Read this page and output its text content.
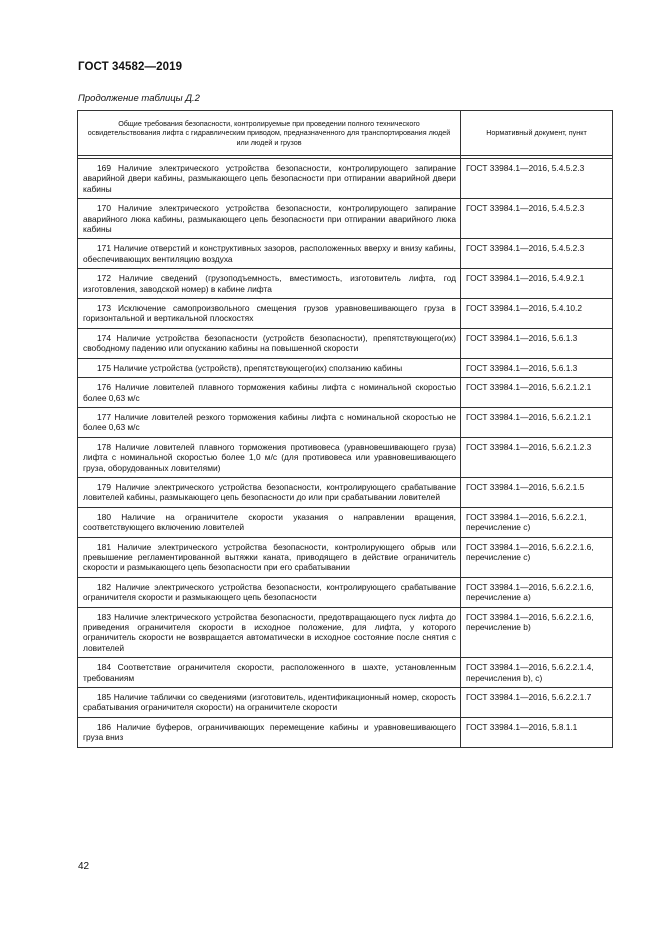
ГОСТ 34582—2019
Продолжение таблицы Д.2
Общие требования безопасности, контролируемые при проведении полного технического освидетельствования лифта с гидравлическим приводом, предназначенного для транспортирования людей или людей и грузов	Нормативный документ, пункт

169 Наличие электрического устройства безопасности, контролирующего запирание аварийной двери кабины, размыкающего цепь безопасности при отпирании аварийной двери кабины	ГОСТ 33984.1—2016, 5.4.5.2.3
170 Наличие электрического устройства безопасности, контролирующего запирание аварийного люка кабины, размыкающего цепь безопасности при отпирании аварийного люка кабины	ГОСТ 33984.1—2016, 5.4.5.2.3
171 Наличие отверстий и конструктивных зазоров, расположенных вверху и внизу кабины, обеспечивающих вентиляцию воздуха	ГОСТ 33984.1—2016, 5.4.5.2.3
172 Наличие сведений (грузоподъемность, вместимость, изготовитель лифта, год изготовления, заводской номер) в кабине лифта	ГОСТ 33984.1—2016, 5.4.9.2.1
173 Исключение самопроизвольного смещения грузов уравновешивающего груза в горизонтальной и вертикальной плоскостях	ГОСТ 33984.1—2016, 5.4.10.2
174 Наличие устройства безопасности (устройств безопасности), препятствующего(их) свободному падению или опусканию кабины на повышенной скорости	ГОСТ 33984.1—2016, 5.6.1.3
175 Наличие устройства (устройств), препятствующего(их) сползанию кабины	ГОСТ 33984.1—2016, 5.6.1.3
176 Наличие ловителей плавного торможения кабины лифта с номинальной скоростью более 0,63 м/с	ГОСТ 33984.1—2016, 5.6.2.1.2.1
177 Наличие ловителей резкого торможения кабины лифта с номинальной скоростью не более 0,63 м/с	ГОСТ 33984.1—2016, 5.6.2.1.2.1
178 Наличие ловителей плавного торможения противовеса (уравновешивающего груза) лифта с номинальной скоростью более 1,0 м/с (для противовеса или уравновешивающего груза, оборудованных ловителями)	ГОСТ 33984.1—2016, 5.6.2.1.2.3
179 Наличие электрического устройства безопасности, контролирующего срабатывание ловителей кабины, размыкающего цепь безопасности до или при срабатывании ловителей	ГОСТ 33984.1—2016, 5.6.2.1.5
180 Наличие на ограничителе скорости указания о направлении вращения, соответствующего включению ловителей	ГОСТ 33984.1—2016, 5.6.2.2.1, перечисление с)
181 Наличие электрического устройства безопасности, контролирующего обрыв или превышение регламентированной вытяжки каната, приводящего в действие ограничитель скорости и размыкающего цепь безопасности при его срабатывании	ГОСТ 33984.1—2016, 5.6.2.2.1.6, перечисление с)
182 Наличие электрического устройства безопасности, контролирующего срабатывание ограничителя скорости и размыкающего цепь безопасности	ГОСТ 33984.1—2016, 5.6.2.2.1.6, перечисление а)
183 Наличие электрического устройства безопасности, предотвращающего пуск лифта до приведения ограничителя скорости в исходное положение, для лифта, у которого ограничитель скорости не возвращается автоматически в исходное состояние после снятия с ловителей	ГОСТ 33984.1—2016, 5.6.2.2.1.6, перечисление b)
184 Соответствие ограничителя скорости, расположенного в шахте, установленным требованиям	ГОСТ 33984.1—2016, 5.6.2.2.1.4, перечисления b), с)
185 Наличие таблички со сведениями (изготовитель, идентификационный номер, скорость срабатывания ограничителя скорости) на ограничителе скорости	ГОСТ 33984.1—2016, 5.6.2.2.1.7
186 Наличие буферов, ограничивающих перемещение кабины и уравновешивающего груза вниз	ГОСТ 33984.1—2016, 5.8.1.1
42
